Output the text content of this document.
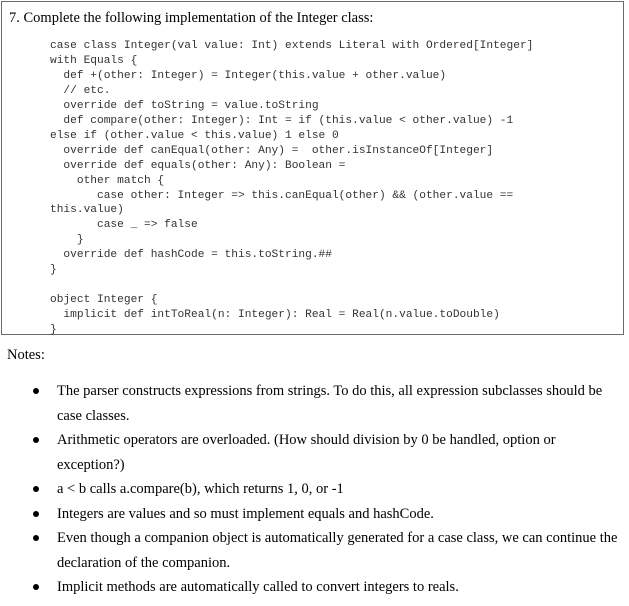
7. Complete the following implementation of the Integer class:
case class Integer(val value: Int) extends Literal with Ordered[Integer]
with Equals {
def +(other: Integer) = Integer(this.value + other.value)
// etc.
override def toString = value.toString
def compare(other: Integer): Int = if (this.value < other.value) -1
else if (other.value < this.value) 1 else 0
override def canEqual(other: Any) =  other.isInstanceOf[Integer]
override def equals(other: Any): Boolean =
other match {
case other: Integer => this.canEqual(other) && (other.value ==
this.value)
case _ => false
}
override def hashCode = this.toString.##
}

object Integer {
implicit def intToReal(n: Integer): Real = Real(n.value.toDouble)
}
Notes:
The parser constructs expressions from strings. To do this, all expression subclasses should be case classes.
Arithmetic operators are overloaded. (How should division by 0 be handled, option or exception?)
a < b calls a.compare(b), which returns 1, 0, or -1
Integers are values and so must implement equals and hashCode.
Even though a companion object is automatically generated for a case class, we can continue the declaration of the companion.
Implicit methods are automatically called to convert integers to reals.
